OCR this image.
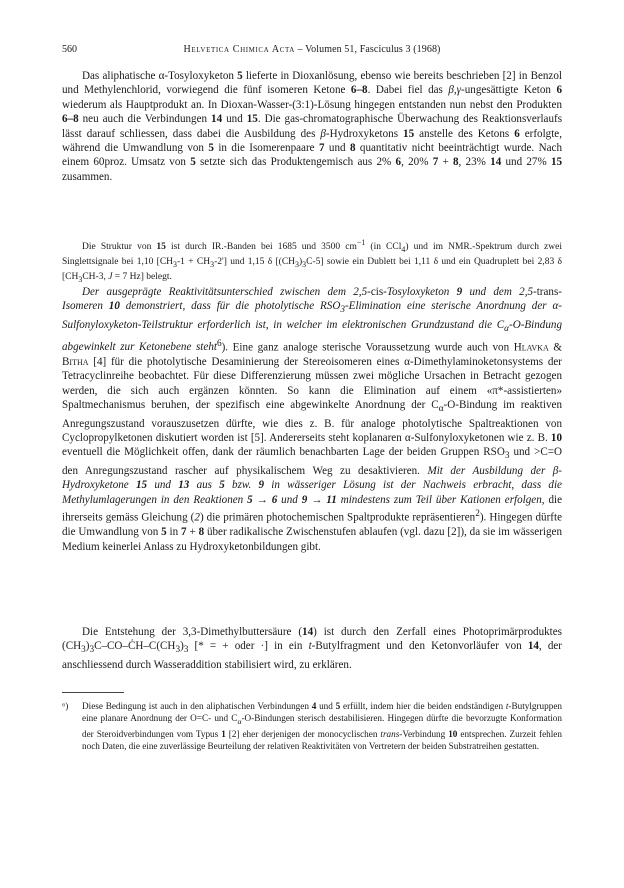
560	Helvetica Chimica Acta – Volumen 51, Fasciculus 3 (1968)

Das aliphatische α-Tosyloxyketon 5 lieferte in Dioxanlösung, ebenso wie bereits beschrieben [2] in Benzol und Methylenchlorid, vorwiegend die fünf isomeren Ketone 6–8. Dabei fiel das β,γ-ungesättigte Keton 6 wiederum als Hauptprodukt an. In Dioxan-Wasser-(3:1)-Lösung hingegen entstanden nun nebst den Produkten 6–8 neu auch die Verbindungen 14 und 15. Die gas-chromatographische Überwachung des Reaktionsverlaufs lässt darauf schliessen, dass dabei die Ausbildung des β-Hydroxyketons 15 anstelle des Ketons 6 erfolgte, während die Umwandlung von 5 in die Isomerenpaare 7 und 8 quantitativ nicht beeinträchtigt wurde. Nach einem 60proz. Umsatz von 5 setzte sich das Produktengemisch aus 2% 6, 20% 7 + 8, 23% 14 und 27% 15 zusammen.

Die Struktur von 15 ist durch IR.-Banden bei 1685 und 3500 $cm^{-1}$ (in CCl$_4$) und im NMR.-Spektrum durch zwei Singlettsignale bei 1,10 $[CH_3-1 + CH_3-2']$ und 1,15 δ $[(CH_3)_3C-5]$ sowie ein Dublett bei 1,11 δ und ein Quadruplett bei 2,83 δ [$CH_3CH-3$, J = 7 Hz] belegt.

Der ausgeprägte Reaktivitätsunterschied zwischen dem 2,5-cis-Tosyloxyketon 9 und dem 2,5-trans-Isomeren 10 demonstriert, dass für die photolytische $RSO_3$-Elimination eine sterische Anordnung der α-Sulfonyloxyketon-Teilstruktur erforderlich ist, in welcher im elektronischen Grundzustand die $C_\alpha-O$-Bindung abgewinkelt zur Ketonebene steht$^6$). Eine ganz analoge sterische Voraussetzung wurde auch von Hlavka & Bitha [4] für die photolytische Desaminierung der Stereoisomeren eines α-Dimethylaminoketonsystems der Tetracyclinreihe beobachtet. Für diese Differenzierung müssen zwei mögliche Ursachen in Betracht gezogen werden, die sich auch ergänzen könnten. So kann die Elimination auf einem «π*-assistierten» Spaltmechanismus beruhen, der spezifisch eine abgewinkelte Anordnung der $C_\alpha-O$-Bindung im reaktiven Anregungszustand vorauszusetzen dürfte, wie dies z. B. für analoge photolytische Spaltreaktionen von Cyclopropylketonen diskutiert worden ist [5]. Andererseits steht koplanaren α-Sulfonyloxyketonen wie z. B. 10 eventuell die Möglichkeit offen, dank der räumlich benachbarten Lage der beiden Gruppen $RSO_3$ und >C=O den Anregungszustand rascher auf physikalischem Weg zu desaktivieren. Mit der Ausbildung der β-Hydroxyketone 15 und 13 aus 5 bzw. 9 in wässeriger Lösung ist der Nachweis erbracht, dass die Methylumlagerungen in den Reaktionen 5 → 6 und 9 → 11 mindestens zum Teil über Kationen erfolgen, die ihrerseits gemäss Gleichung (2) die primären photochemischen Spaltprodukte repräsentieren$^2$). Hingegen dürfte die Umwandlung von 5 in 7 + 8 über radikalische Zwischenstufen ablaufen (vgl. dazu [2]), da sie im wässerigen Medium keinerlei Anlass zu Hydroxyketonbildungen gibt.

Die Entstehung der 3,3-Dimethylbuttersäure (14) ist durch den Zerfall eines Photoprimärproduktes $(CH_3)_3C-CO-ĊH-C(CH_3)_3$ [* = + oder ·] in ein t-Butylfragment und den Ketonvorläufer von 14, der anschliessend durch Wasseraddition stabilisiert wird, zu erklären.

⁶) Diese Bedingung ist auch in den aliphatischen Verbindungen 4 und 5 erfüllt, indem hier die beiden endständigen t-Butylgruppen eine planare Anordnung der O=C- und $C_\alpha-O$-Bindungen sterisch destabilisieren. Hingegen dürfte die bevorzugte Konformation der Steroidverbindungen vom Typus 1 [2] eher derjenigen der monocyclischen trans-Verbindung 10 entsprechen. Zurzeit fehlen noch Daten, die eine zuverlässige Beurteilung der relativen Reaktivitäten von Vertretern der beiden Substratreihen gestatten.
